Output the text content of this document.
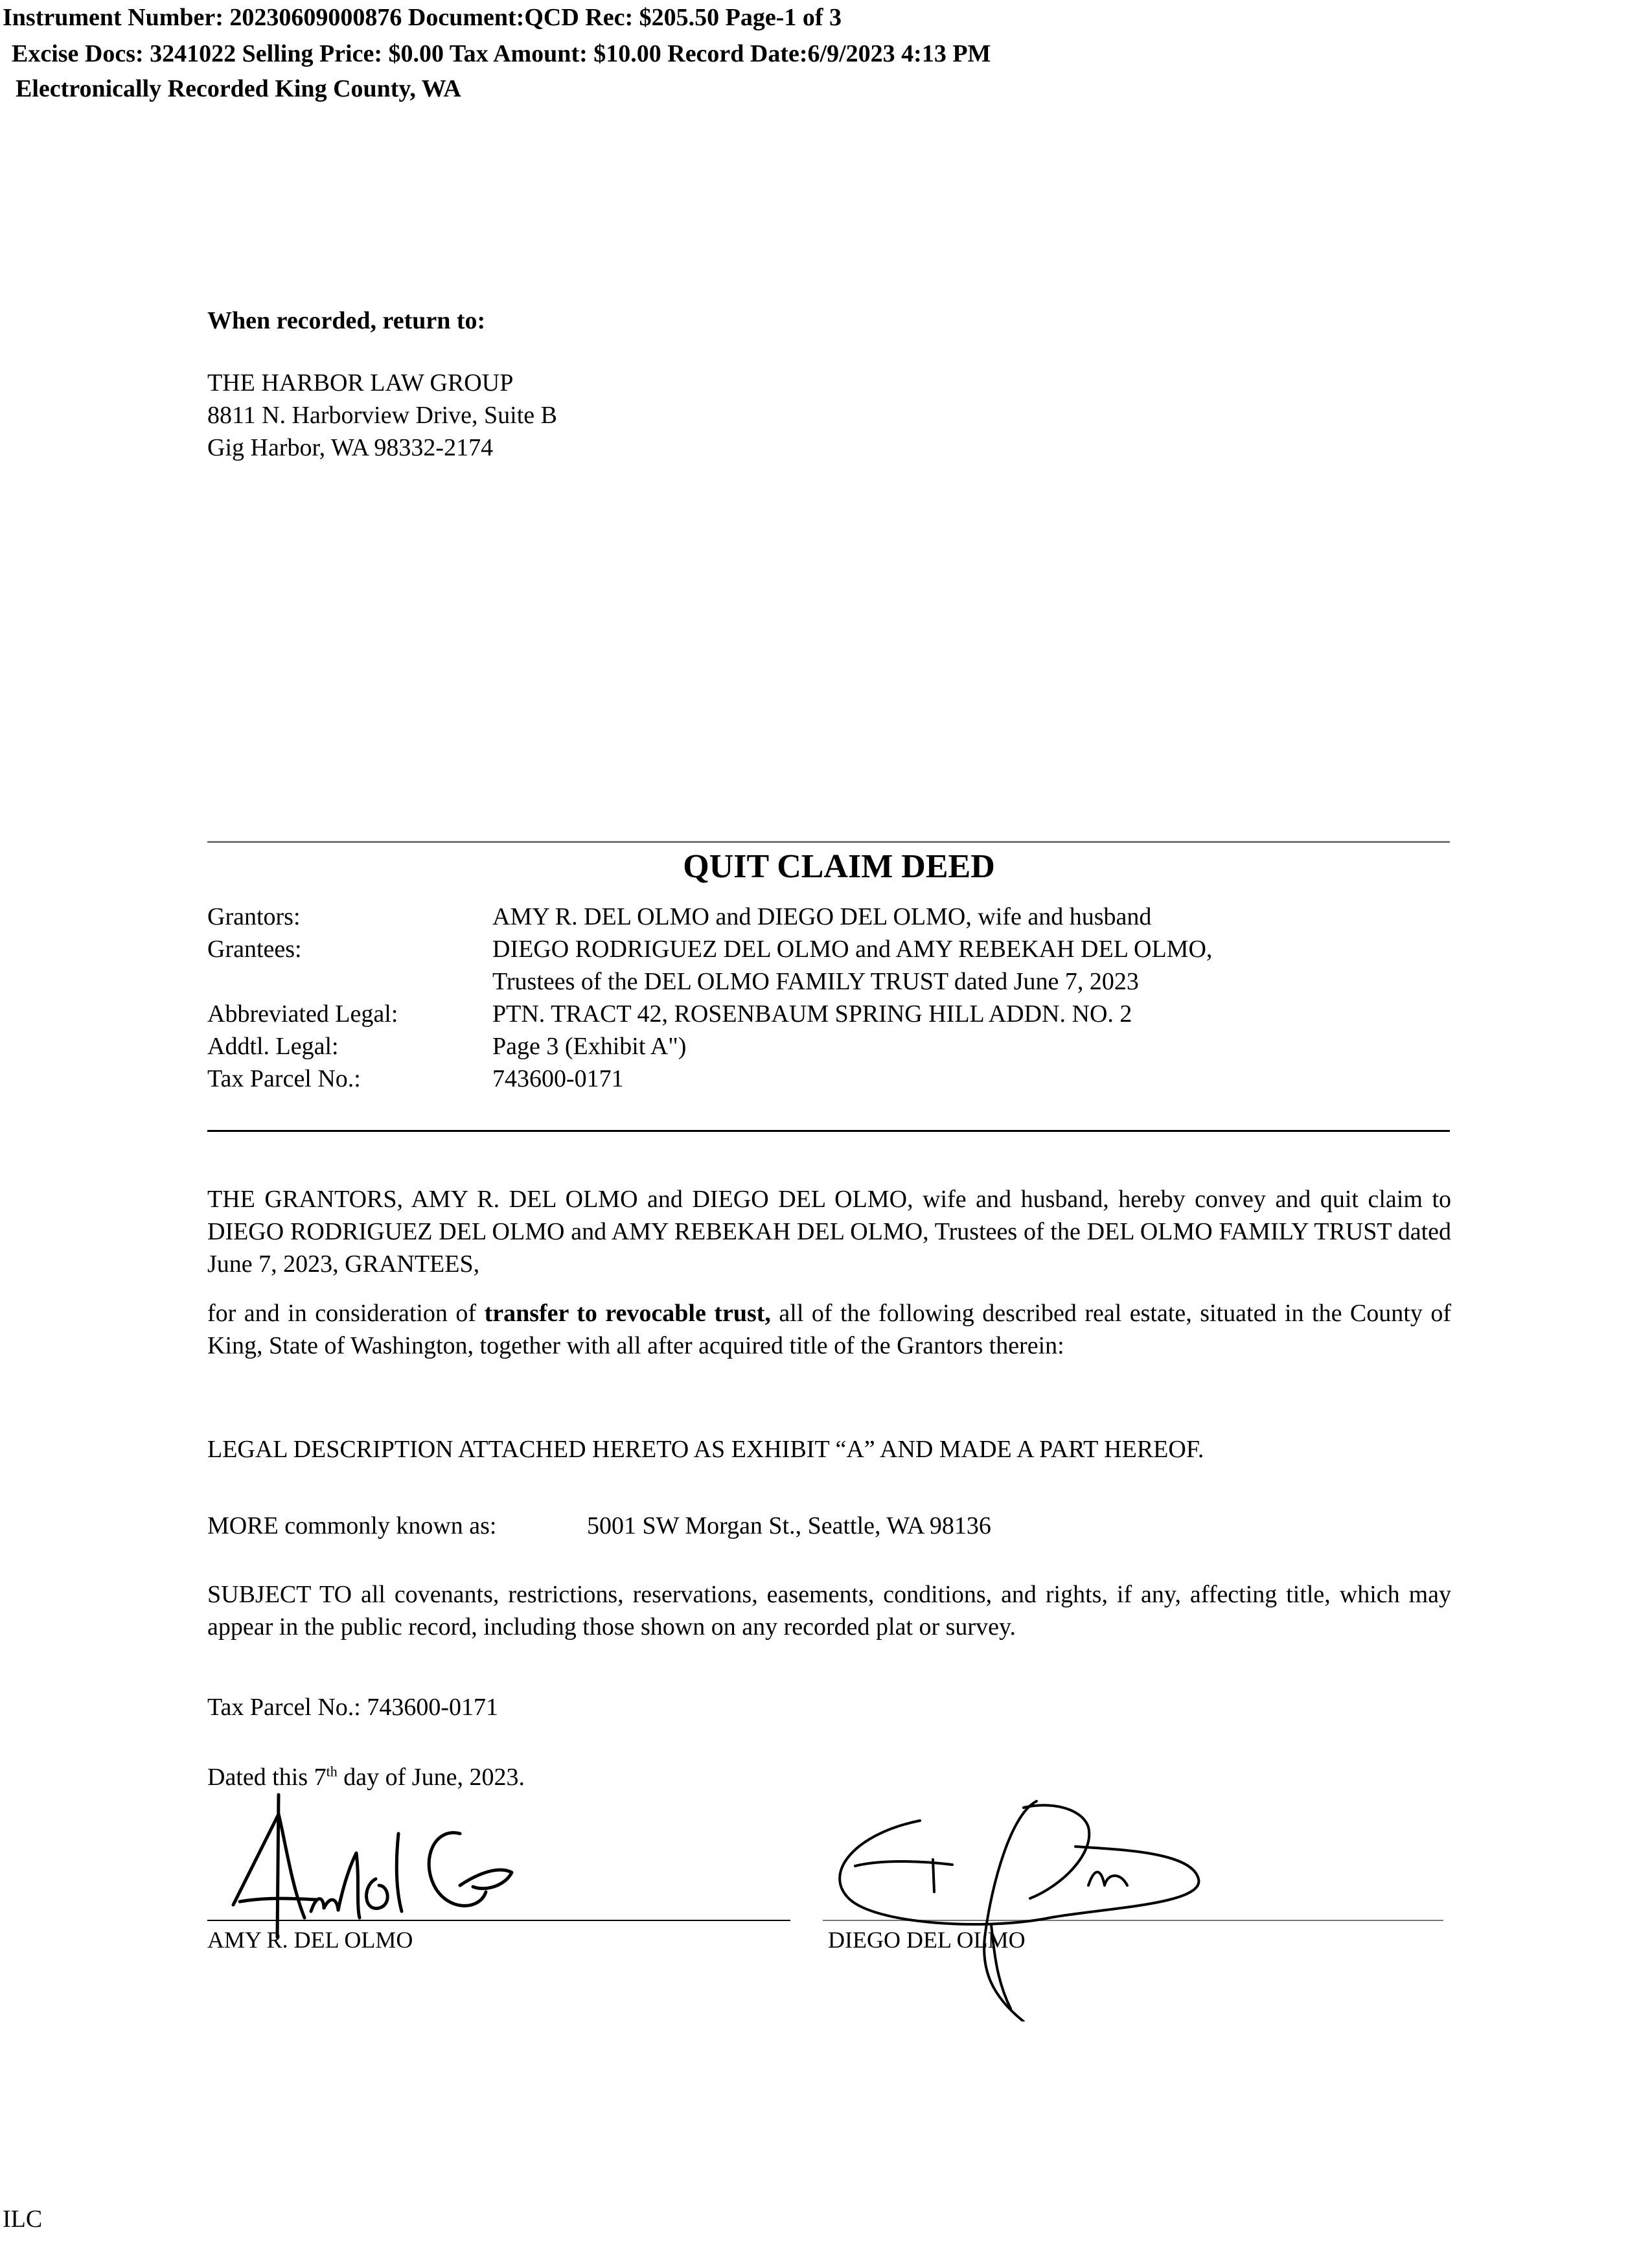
Instrument Number: 20230609000876 Document:QCD Rec: $205.50 Page-1 of 3
Excise Docs: 3241022 Selling Price: $0.00 Tax Amount: $10.00 Record Date:6/9/2023 4:13 PM
Electronically Recorded King County, WA
When recorded, return to:
THE HARBOR LAW GROUP
8811 N. Harborview Drive, Suite B
Gig Harbor, WA 98332-2174
QUIT CLAIM DEED
Grantors:	AMY R. DEL OLMO and DIEGO DEL OLMO, wife and husband
Grantees:	DIEGO RODRIGUEZ DEL OLMO and AMY REBEKAH DEL OLMO,
Trustees of the DEL OLMO FAMILY TRUST dated June 7, 2023
Abbreviated Legal:	PTN. TRACT 42, ROSENBAUM SPRING HILL ADDN. NO. 2
Addtl. Legal:	Page 3 (Exhibit A")
Tax Parcel No.:	743600-0171
THE GRANTORS, AMY R. DEL OLMO and DIEGO DEL OLMO, wife and husband, hereby convey and quit claim to DIEGO RODRIGUEZ DEL OLMO and AMY REBEKAH DEL OLMO, Trustees of the DEL OLMO FAMILY TRUST dated June 7, 2023, GRANTEES,
for and in consideration of transfer to revocable trust, all of the following described real estate, situated in the County of King, State of Washington, together with all after acquired title of the Grantors therein:
LEGAL DESCRIPTION ATTACHED HERETO AS EXHIBIT “A” AND MADE A PART HEREOF.
MORE commonly known as:	5001 SW Morgan St., Seattle, WA 98136
SUBJECT TO all covenants, restrictions, reservations, easements, conditions, and rights, if any, affecting title, which may appear in the public record, including those shown on any recorded plat or survey.
Tax Parcel No.: 743600-0171
Dated this 7th day of June, 2023.
AMY R. DEL OLMO	DIEGO DEL OLMO
ILC
